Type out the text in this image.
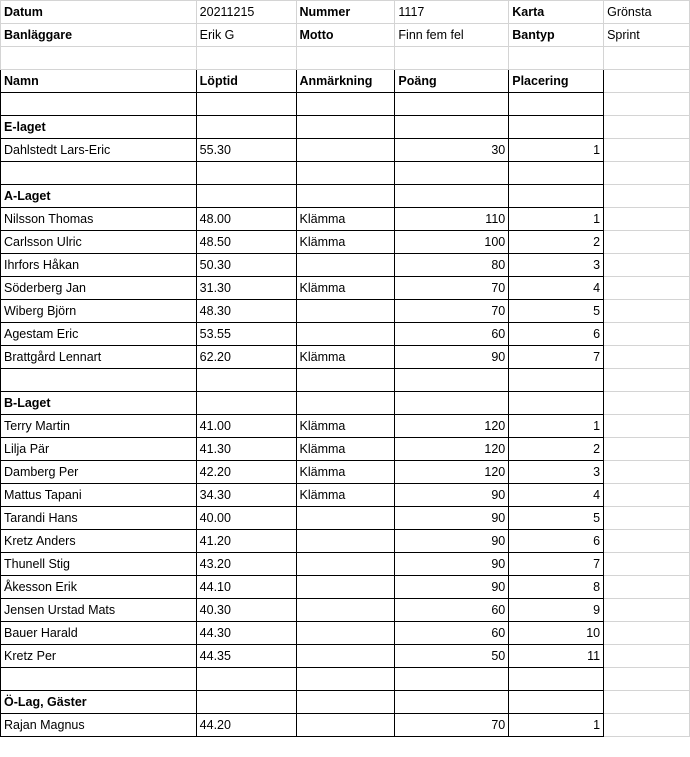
Datum	20211215	Nummer	1117	Karta	Grönsta
Banläggare	Erik G	Motto	Finn fem fel	Bantyp	Sprint

Namn	Löptid	Anmärkning	Poäng	Placering	

E-laget					
Dahlstedt Lars-Eric	55.30		30	1	

A-Laget					
Nilsson Thomas	48.00	Klämma	110	1	
Carlsson Ulric	48.50	Klämma	100	2	
Ihrfors Håkan	50.30		80	3	
Söderberg Jan	31.30	Klämma	70	4	
Wiberg Björn	48.30		70	5	
Agestam Eric	53.55		60	6	
Brattgård Lennart	62.20	Klämma	90	7	

B-Laget					
Terry Martin	41.00	Klämma	120	1	
Lilja Pär	41.30	Klämma	120	2	
Damberg Per	42.20	Klämma	120	3	
Mattus Tapani	34.30	Klämma	90	4	
Tarandi Hans	40.00		90	5	
Kretz Anders	41.20		90	6	
Thunell Stig	43.20		90	7	
Åkesson Erik	44.10		90	8	
Jensen Urstad Mats	40.30		60	9	
Bauer Harald	44.30		60	10	
Kretz Per	44.35		50	11	

Ö-Lag, Gäster					
Rajan Magnus	44.20		70	1	
